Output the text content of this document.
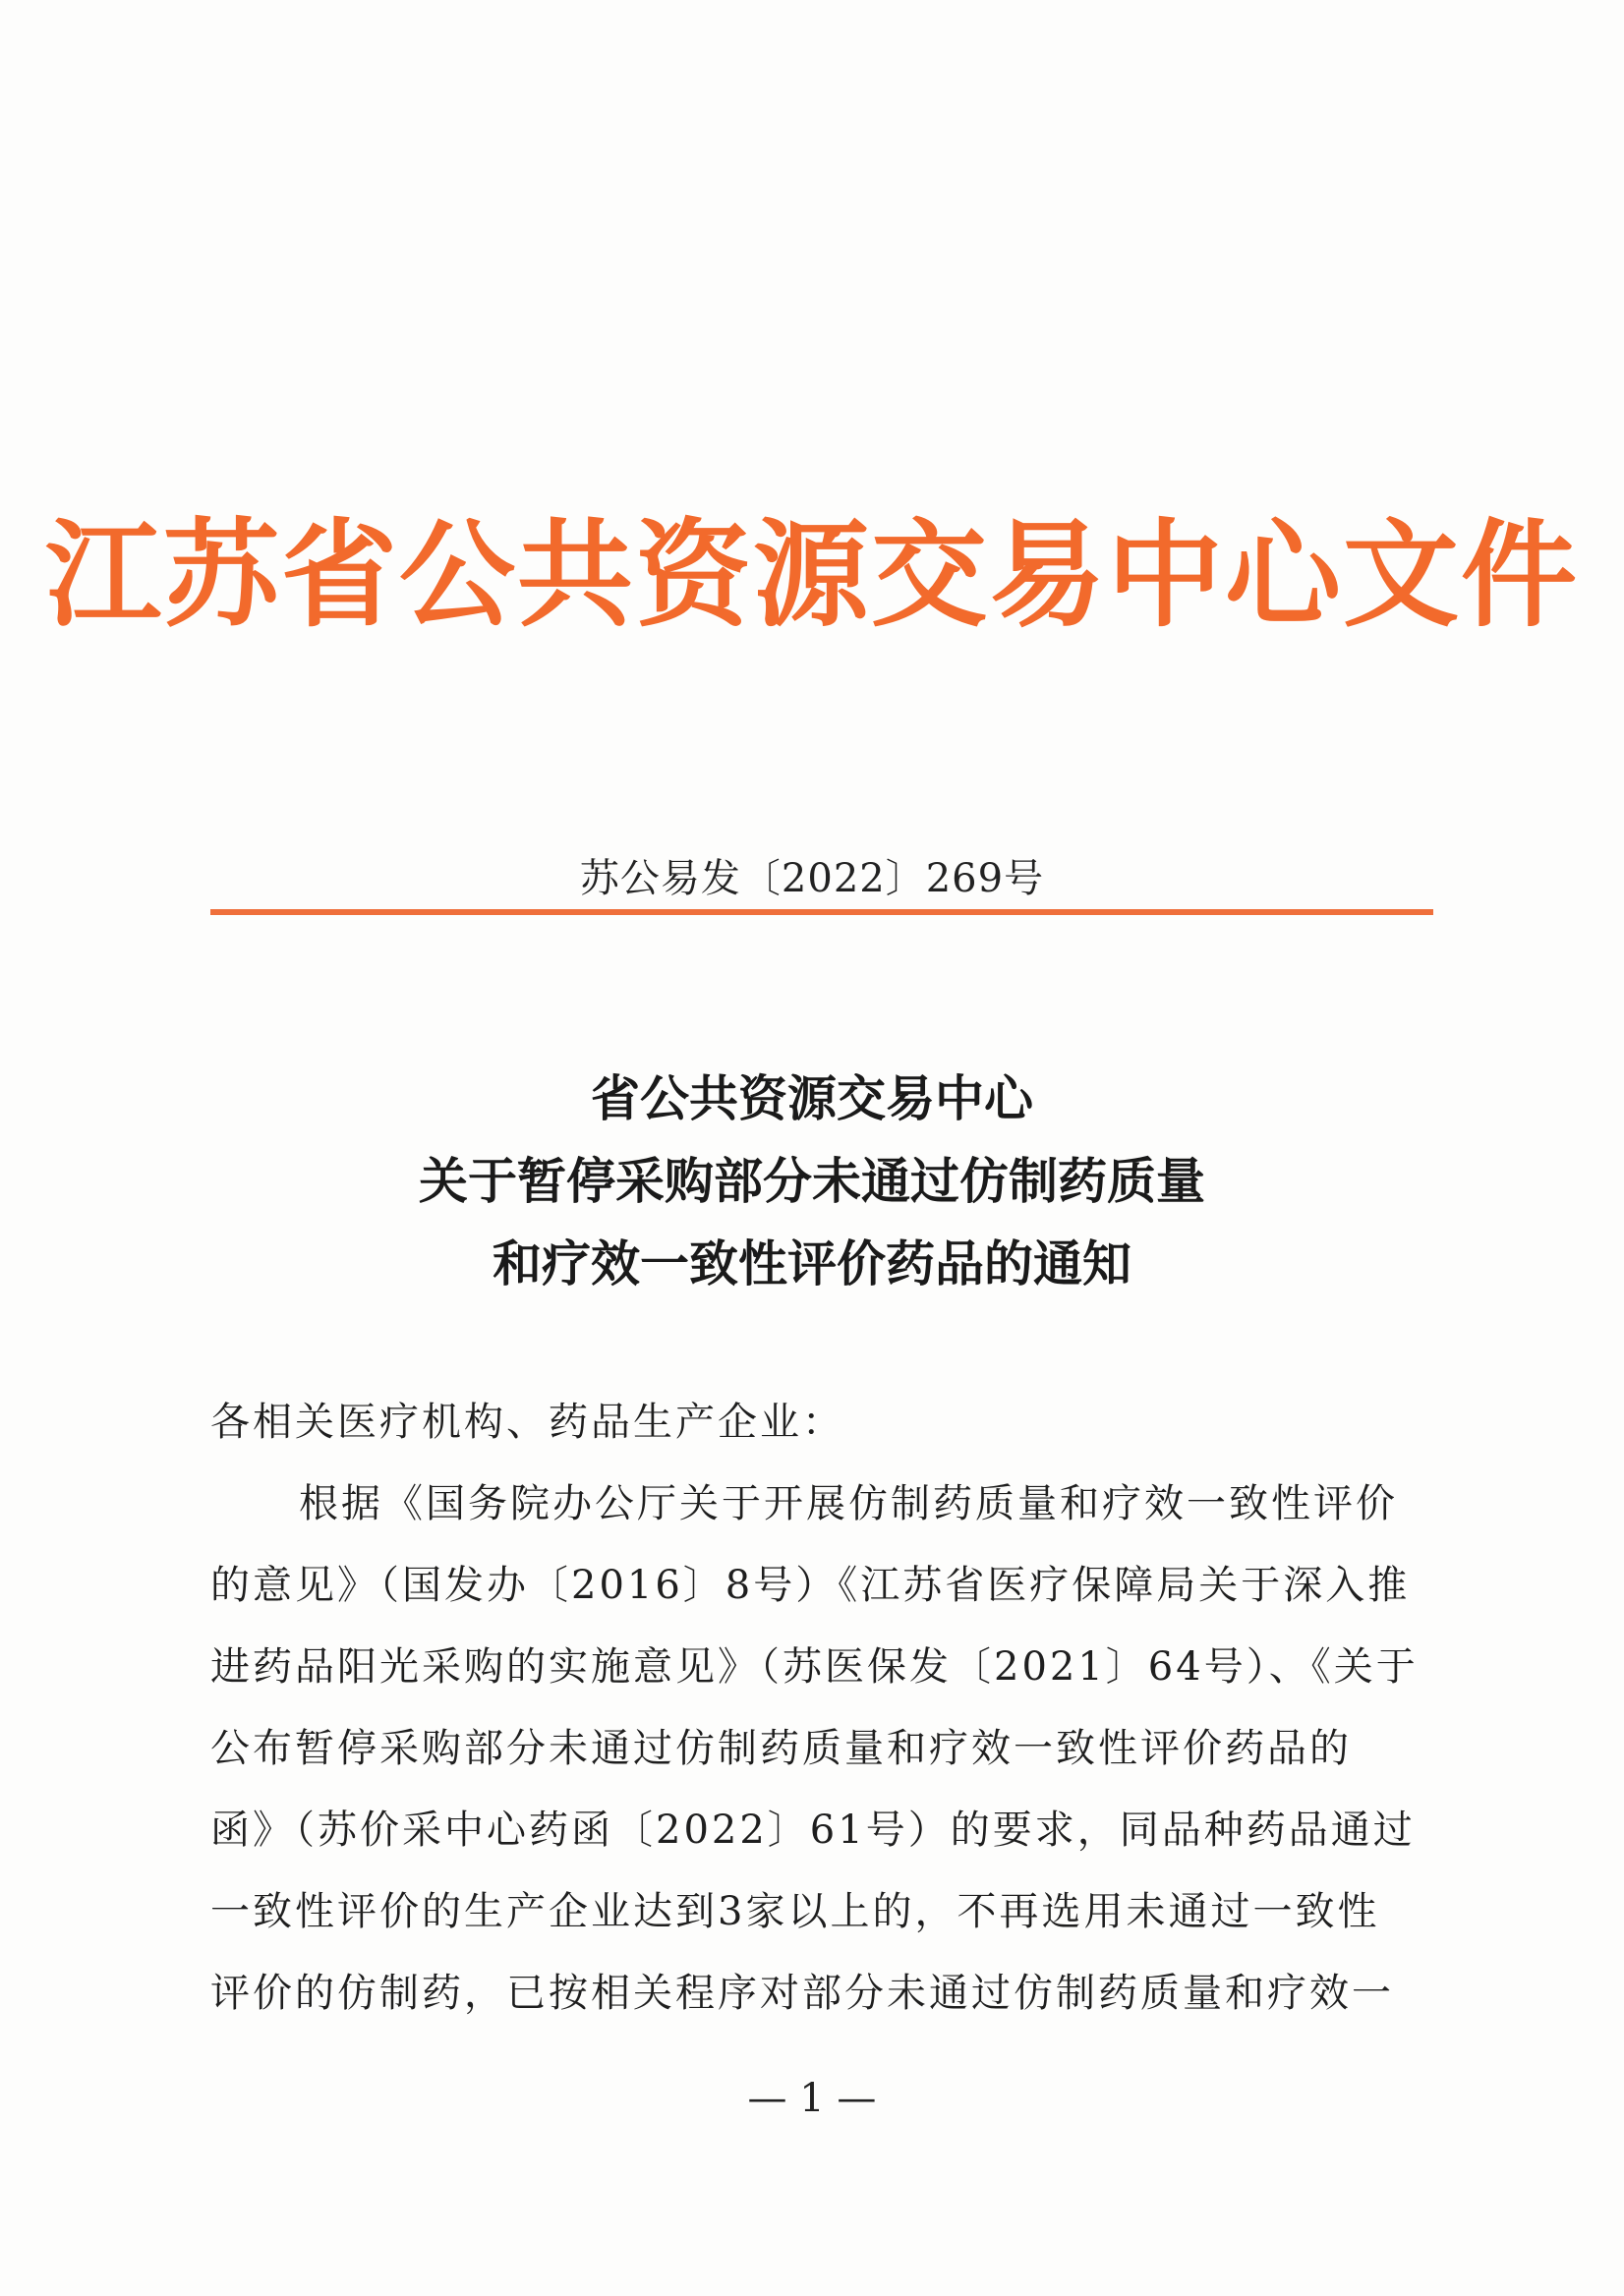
江苏省公共资源交易中心文件
苏公易发〔2022〕269号
省公共资源交易中心
关于暂停采购部分未通过仿制药质量
和疗效一致性评价药品的通知
各相关医疗机构、药品生产企业：
根据《国务院办公厅关于开展仿制药质量和疗效一致性评价
的意见》（国发办〔2016〕8号）《江苏省医疗保障局关于深入推
进药品阳光采购的实施意见》（苏医保发〔2021〕64号）、《关于
公布暂停采购部分未通过仿制药质量和疗效一致性评价药品的
函》（苏价采中心药函〔2022〕61号）的要求，同品种药品通过
一致性评价的生产企业达到3家以上的，不再选用未通过一致性
评价的仿制药，已按相关程序对部分未通过仿制药质量和疗效一
— 1 —
